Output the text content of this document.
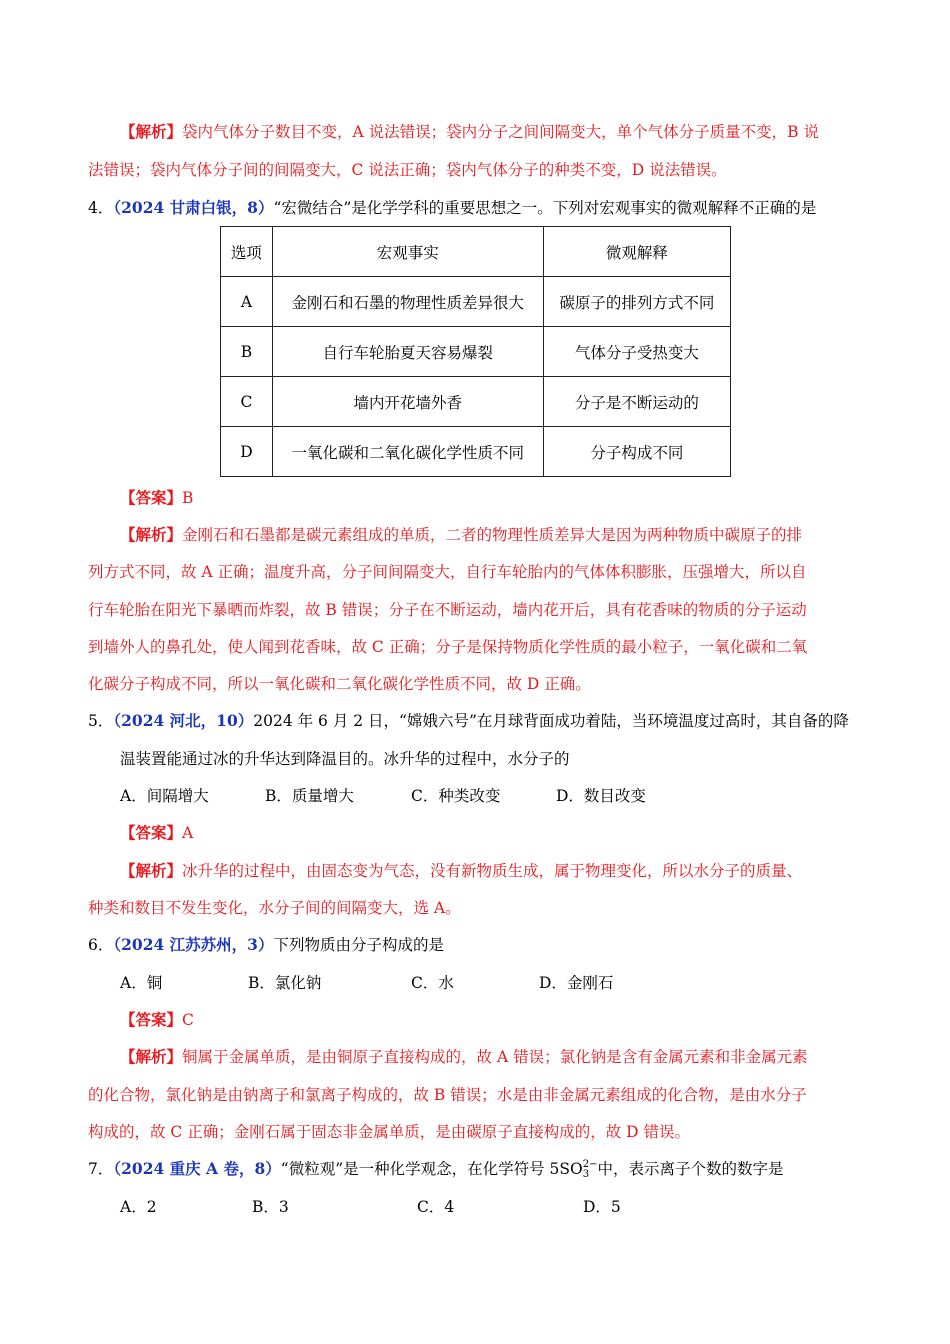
【解析】袋内气体分子数目不变，A 说法错误；袋内分子之间间隔变大，单个气体分子质量不变，B 说
法错误；袋内气体分子间的间隔变大，C 说法正确；袋内气体分子的种类不变，D 说法错误。
4．（2024 甘肃白银，8）“宏微结合”是化学学科的重要思想之一。下列对宏观事实的微观解释不正确的是
选项	宏观事实	微观解释
A	金刚石和石墨的物理性质差异很大	碳原子的排列方式不同
B	自行车轮胎夏天容易爆裂	气体分子受热变大
C	墙内开花墙外香	分子是不断运动的
D	一氧化碳和二氧化碳化学性质不同	分子构成不同
【答案】B
【解析】金刚石和石墨都是碳元素组成的单质，二者的物理性质差异大是因为两种物质中碳原子的排
列方式不同，故 A 正确；温度升高，分子间间隔变大，自行车轮胎内的气体体积膨胀，压强增大，所以自
行车轮胎在阳光下暴晒而炸裂，故 B 错误；分子在不断运动，墙内花开后，具有花香味的物质的分子运动
到墙外人的鼻孔处，使人闻到花香味，故 C 正确；分子是保持物质化学性质的最小粒子，一氧化碳和二氧
化碳分子构成不同，所以一氧化碳和二氧化碳化学性质不同，故 D 正确。
5．（2024 河北，10）2024 年 6 月 2 日，“嫦娥六号”在月球背面成功着陆，当环境温度过高时，其自备的降
温装置能通过冰的升华达到降温目的。冰升华的过程中，水分子的
A．间隔增大	B．质量增大	C．种类改变	D．数目改变
【答案】A
【解析】冰升华的过程中，由固态变为气态，没有新物质生成，属于物理变化，所以水分子的质量、
种类和数目不发生变化，水分子间的间隔变大，选 A。
6．（2024 江苏苏州，3）下列物质由分子构成的是
A．铜	B．氯化钠	C．水	D．金刚石
【答案】C
【解析】铜属于金属单质，是由铜原子直接构成的，故 A 错误；氯化钠是含有金属元素和非金属元素
的化合物，氯化钠是由钠离子和氯离子构成的，故 B 错误；水是由非金属元素组成的化合物，是由水分子
构成的，故 C 正确；金刚石属于固态非金属单质，是由碳原子直接构成的，故 D 错误。
7．（2024 重庆 A 卷，8）“微粒观”是一种化学观念，在化学符号 5SO 2−
3 中，表示离子个数的数字是
A．2	B．3	C．4	D．5
